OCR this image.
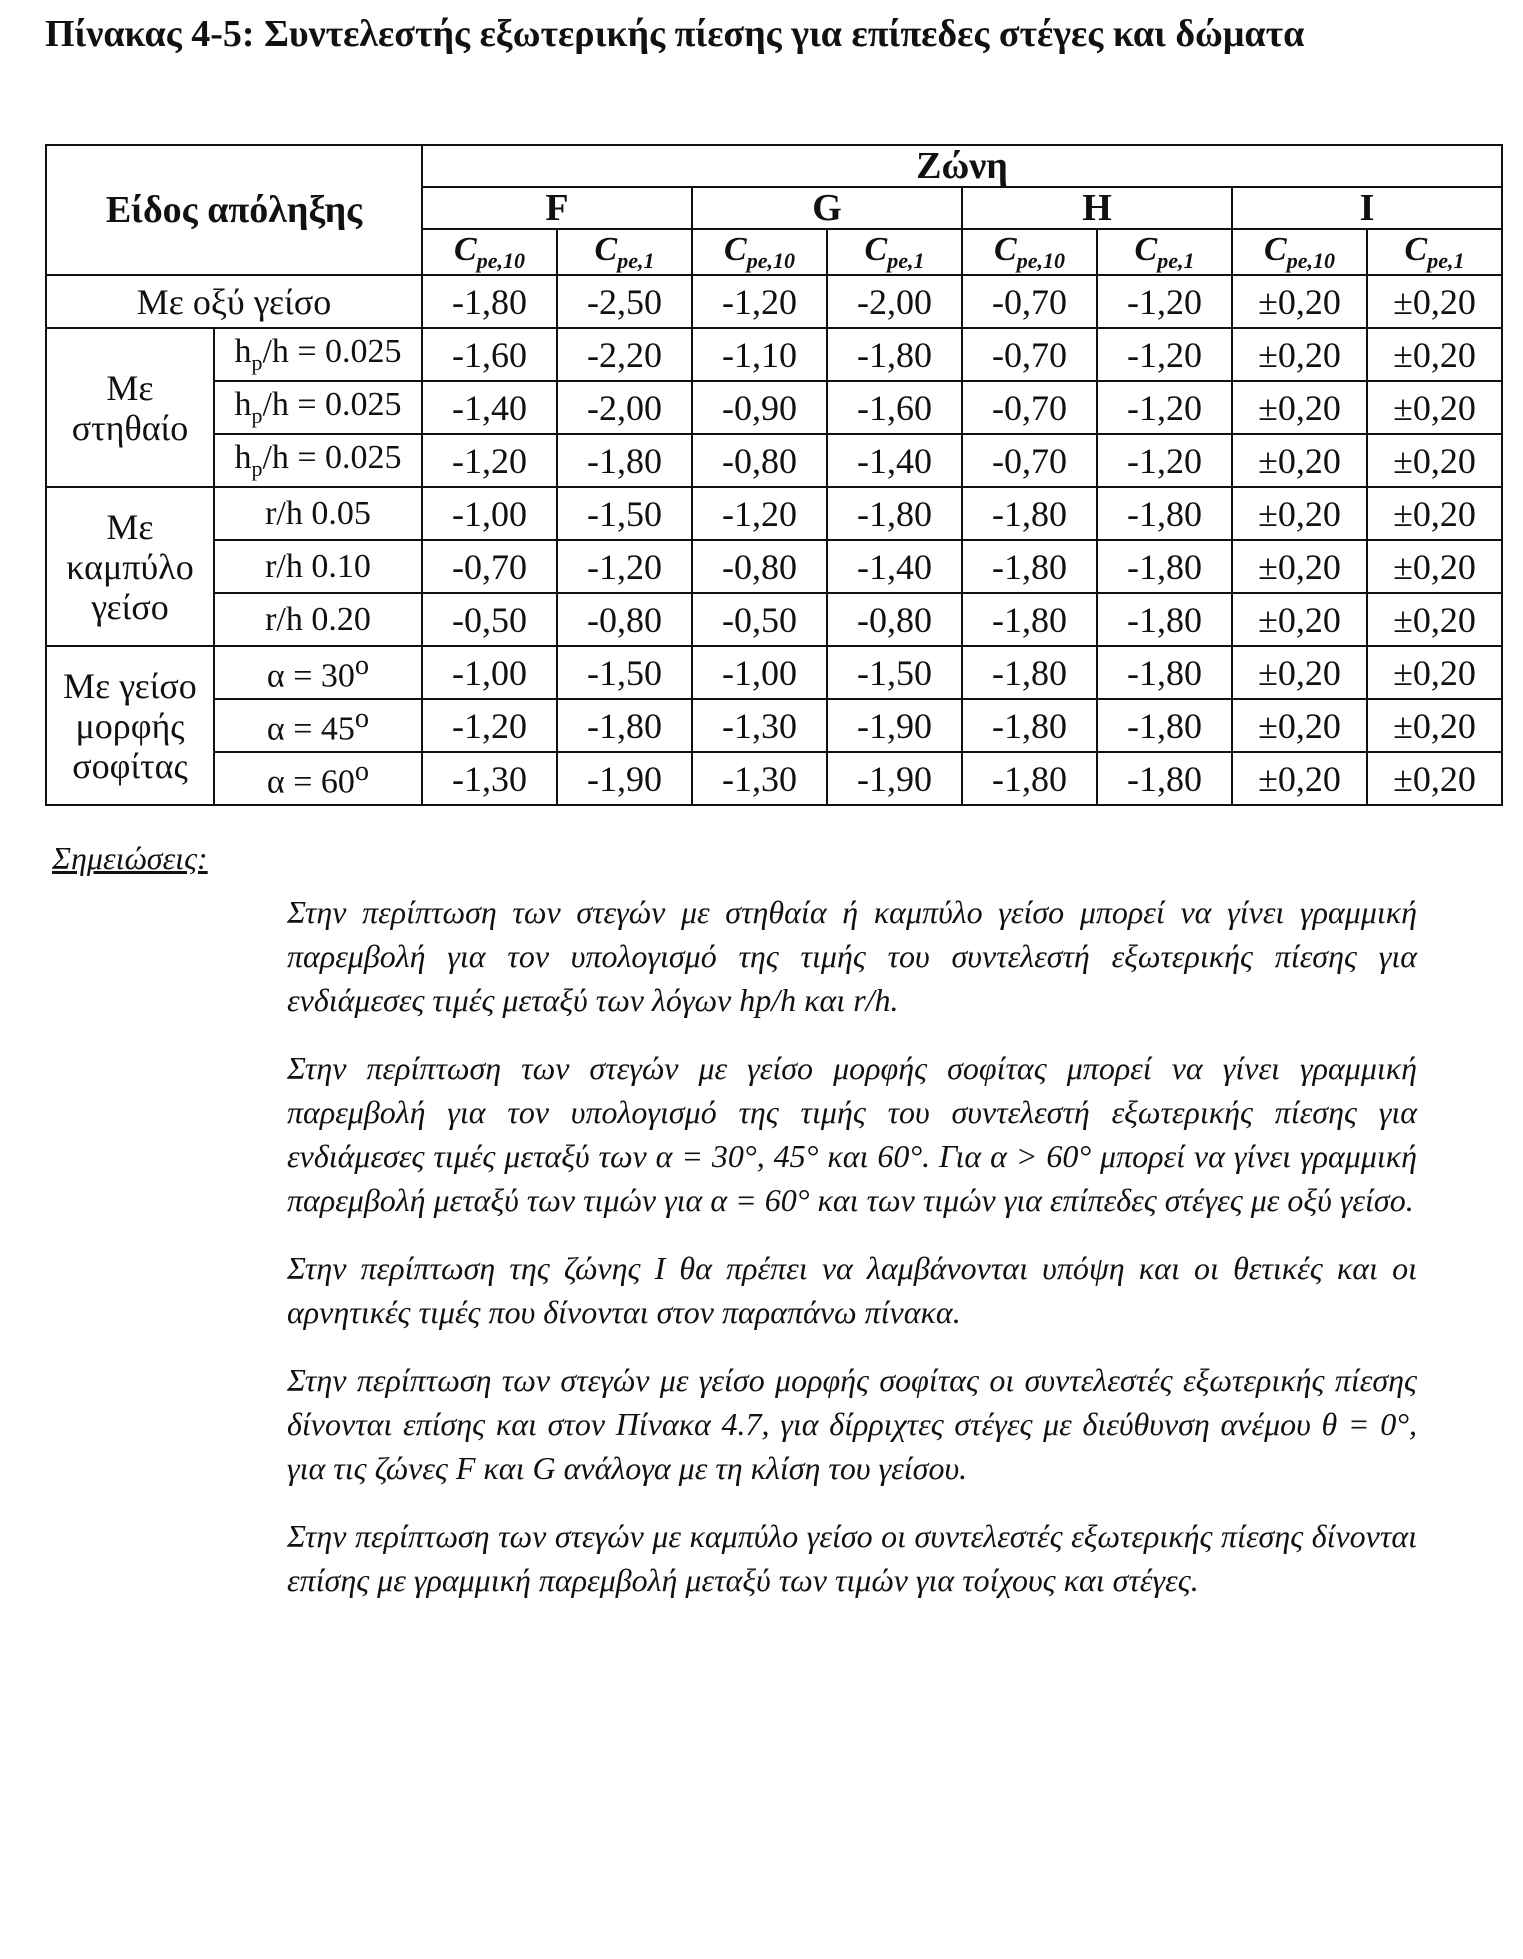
Πίνακας 4-5: Συντελεστής εξωτερικής πίεσης για επίπεδες στέγες και δώματα
Είδος απόληξης		Ζώνη							
		F		G		H		I	
		$C_{pe,10}$	$C_{pe,1}$	$C_{pe,10}$	$C_{pe,1}$	$C_{pe,10}$	$C_{pe,1}$	$C_{pe,10}$	$C_{pe,1}$
Με οξύ γείσο		-1,80	-2,50	-1,20	-2,00	-0,70	-1,20	±0,20	±0,20
Με στηθαίο	$h_p/h = 0.025$	-1,60	-2,20	-1,10	-1,80	-0,70	-1,20	±0,20	±0,20
	$h_p/h = 0.025$	-1,40	-2,00	-0,90	-1,60	-0,70	-1,20	±0,20	±0,20
	$h_p/h = 0.025$	-1,20	-1,80	-0,80	-1,40	-0,70	-1,20	±0,20	±0,20
Με καμπύλο γείσο	r/h 0.05	-1,00	-1,50	-1,20	-1,80	-1,80	-1,80	±0,20	±0,20
	r/h 0.10	-0,70	-1,20	-0,80	-1,40	-1,80	-1,80	±0,20	±0,20
	r/h 0.20	-0,50	-0,80	-0,50	-0,80	-1,80	-1,80	±0,20	±0,20
Με γείσο μορφής σοφίτας	$\alpha = 30^o$	-1,00	-1,50	-1,00	-1,50	-1,80	-1,80	±0,20	±0,20
	$\alpha = 45^o$	-1,20	-1,80	-1,30	-1,90	-1,80	-1,80	±0,20	±0,20
	$\alpha = 60^o$	-1,30	-1,90	-1,30	-1,90	-1,80	-1,80	±0,20	±0,20

Σημειώσεις:

Στην περίπτωση των στεγών με στηθαία ή καμπύλο γείσο μπορεί να γίνει γραμμική παρεμβολή για τον υπολογισμό της τιμής του συντελεστή εξωτερικής πίεσης για ενδιάμεσες τιμές μεταξύ των λόγων hp/h και r/h.

Στην περίπτωση των στεγών με γείσο μορφής σοφίτας μπορεί να γίνει γραμμική παρεμβολή για τον υπολογισμό της τιμής του συντελεστή εξωτερικής πίεσης για ενδιάμεσες τιμές μεταξύ των α = 30°, 45° και 60°. Για α > 60° μπορεί να γίνει γραμμική παρεμβολή μεταξύ των τιμών για α = 60° και των τιμών για επίπεδες στέγες με οξύ γείσο.

Στην περίπτωση της ζώνης I θα πρέπει να λαμβάνονται υπόψη και οι θετικές και οι αρνητικές τιμές που δίνονται στον παραπάνω πίνακα.

Στην περίπτωση των στεγών με γείσο μορφής σοφίτας οι συντελεστές εξωτερικής πίεσης δίνονται επίσης και στον Πίνακα 4.7, για δίρριχτες στέγες με διεύθυνση ανέμου θ = 0°, για τις ζώνες F και G ανάλογα με τη κλίση του γείσου.

Στην περίπτωση των στεγών με καμπύλο γείσο οι συντελεστές εξωτερικής πίεσης δίνονται επίσης με γραμμική παρεμβολή μεταξύ των τιμών για τοίχους και στέγες.
